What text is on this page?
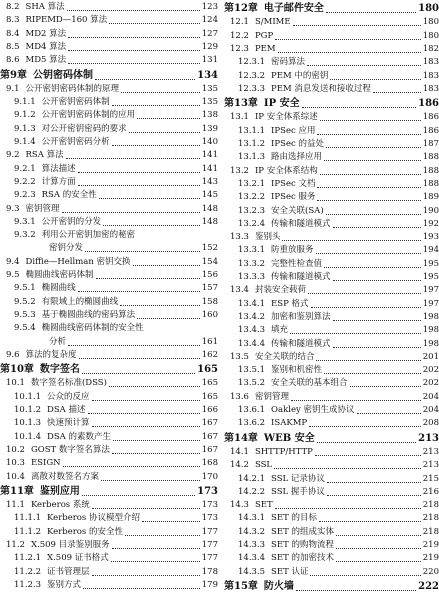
8.2 SHA 算法	123
8.3 RIPEMD—160 算法	124
8.4 MD2 算法	127
8.5 MD4 算法	129
8.6 MD5 算法	131
第9章 公钥密码体制	134
9.1 公开密钥密码体制的原理	135
9.1.1 公开密钥密码体制	135
9.1.2 公开密钥密码体制的应用	138
9.1.3 对公开密钥密码的要求	139
9.1.4 公开密钥密码分析	140
9.2 RSA 算法	141
9.2.1 算法描述	141
9.2.2 计算方面	143
9.2.3 RSA 的安全性	145
9.3 密钥管理	148
9.3.1 公开密钥的分发	148
9.3.2 利用公开密钥加密的秘密
密钥分发	152
9.4 Diffie—Hellman 密钥交换	154
9.5 椭圆曲线密码体制	156
9.5.1 椭圆曲线	157
9.5.2 有限域上的椭圆曲线	158
9.5.3 基于椭圆曲线的密码算法	160
9.5.4 椭圆曲线密码体制的安全性
分析	161
9.6 算法的复杂度	162
第10章 数字签名	165
10.1 数字签名标准(DSS)	165
10.1.1 公众的反应	165
10.1.2 DSA 描述	166
10.1.3 快速预计算	167
10.1.4 DSA 的素数产生	167
10.2 GOST 数字签名算法	167
10.3 ESIGN	168
10.4 离散对数签名方案	170
第11章 鉴别应用	173
11.1 Kerberos 系统	173
11.1.1 Kerberos 协议模型介绍	173
11.1.2 Kerberos 的安全性	177
11.2 X.509 目录鉴别服务	177
11.2.1 X.509 证书格式	177
11.2.2 证书管理层	178
11.2.3 鉴别方式	179
第12章 电子邮件安全	180
12.1 S/MIME	180
12.2 PGP	180
12.3 PEM	182
12.3.1 密码算法	183
12.3.2 PEM 中的密钥	183
12.3.3 PEM 消息发送和接收过程	183
第13章 IP 安全	186
13.1 IP 安全体系综述	186
13.1.1 IPSec 应用	186
13.1.2 IPSec 的益处	187
13.1.3 路由选择应用	188
13.2 IP 安全体系结构	188
13.2.1 IPSec 文档	188
13.2.2 IPSec 服务	189
13.2.3 安全关联(SA)	190
13.2.4 传输和隧道模式	192
13.3 鉴别头	193
13.3.1 防重放服务	194
13.3.2 完整性检查值	195
13.3.3 传输和隧道模式	195
13.4 封装安全载荷	197
13.4.1 ESP 格式	197
13.4.2 加密和鉴别算法	198
13.4.3 填充	198
13.4.4 传输和隧道模式	198
13.5 安全关联的结合	201
13.5.1 鉴别和机密性	202
13.5.2 安全关联的基本组合	202
13.6 密钥管理	204
13.6.1 Oakley 密钥生成协议	204
13.6.2 ISAKMP	208
第14章 WEB 安全	213
14.1 SHTTP/HTTP	213
14.2 SSL	213
14.2.1 SSL 记录协议	215
14.2.2 SSL 握手协议	216
14.3 SET	218
14.3.1 SET 的目标	218
14.3.2 SET 的组成实体	218
14.3.3 SET 的购物流程	219
14.3.4 SET 的加密技术	219
14.3.5 SET 认证	220
第15章 防火墙	222
